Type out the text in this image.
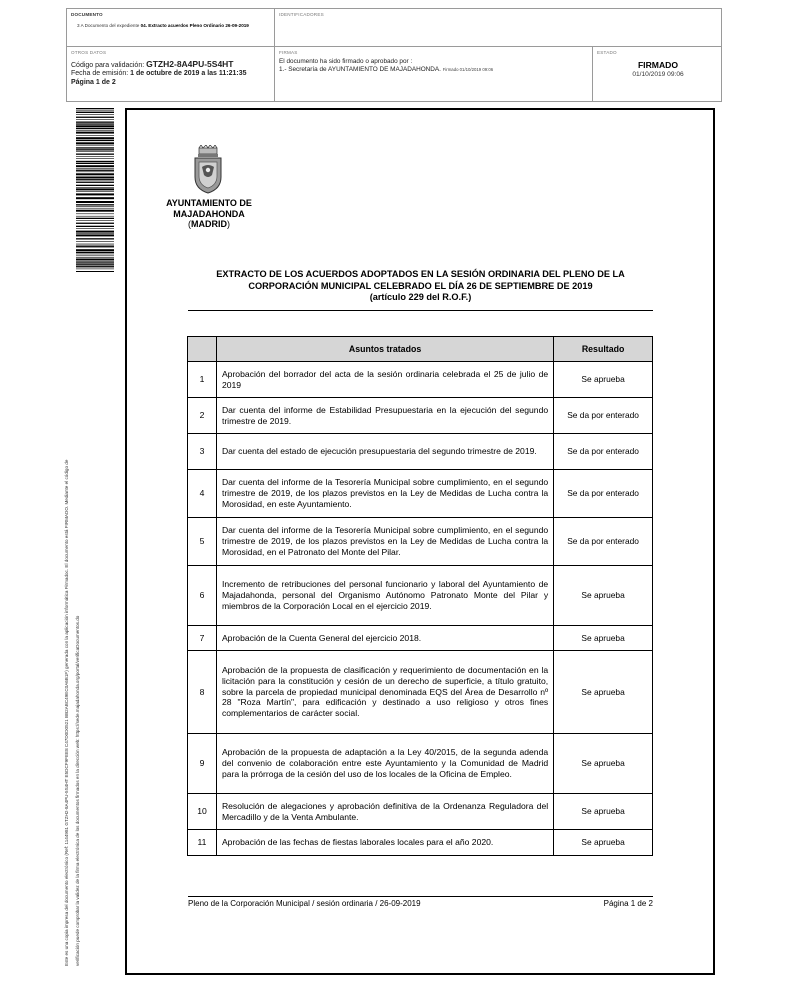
DOCUMENTO
3 A Documento del expediente 04. Extracto acuerdos Pleno Ordinario 26-09-2019
IDENTIFICADORES
OTROS DATOS
Código para validación: GTZH2-8A4PU-5S4HT
Fecha de emisión: 1 de octubre de 2019 a las 11:21:35
Página 1 de 2
FIRMAS
El documento ha sido firmado o aprobado por :
1.- Secretaría de AYUNTAMIENTO DE MAJADAHONDA. Firmado 01/10/2019 09:06
ESTADO
FIRMADO
01/10/2019 09:06
Este es una copia impresa del documento electrónico (Ref: 1144981 GTZH2-8A4PU-5S4HT E5DCF9FEE8 C47D0D0521 BB2ABC49EC0A6B1F) generada con la aplicación informática Firmadoc. El documento está FIRMADO. Mediante el código de	verificación puede comprobar la validez de la firma electrónica de los documentos firmados en la dirección web: https://sede.majadahonda.org/portal/verificaDocumentos.do
AYUNTAMIENTO DE
MAJADAHONDA
(MADRID)
EXTRACTO DE LOS ACUERDOS ADOPTADOS EN LA SESIÓN ORDINARIA DEL PLENO DE LA
CORPORACIÓN MUNICIPAL CELEBRADO EL DÍA 26 DE SEPTIEMBRE DE 2019
(artículo 229 del R.O.F.)
	Asuntos tratados	Resultado
1	Aprobación del borrador del acta de la sesión ordinaria celebrada el 25 de julio de 2019	Se aprueba
2	Dar cuenta del informe de Estabilidad Presupuestaria en la ejecución del segundo trimestre de 2019.	Se da por enterado
3	Dar cuenta del estado de ejecución presupuestaria del segundo trimestre de 2019.	Se da por enterado
4	Dar cuenta del informe de la Tesorería Municipal sobre cumplimiento, en el segundo trimestre de 2019, de los plazos previstos en la Ley de Medidas de Lucha contra la Morosidad, en este Ayuntamiento.	Se da por enterado
5	Dar cuenta del informe de la Tesorería Municipal sobre cumplimiento, en el segundo trimestre de 2019, de los plazos previstos en la Ley de Medidas de Lucha contra la Morosidad, en el Patronato del Monte del Pilar.	Se da por enterado
6	Incremento de retribuciones del personal funcionario y laboral del Ayuntamiento de Majadahonda, personal del Organismo Autónomo Patronato Monte del Pilar y miembros de la Corporación Local en el ejercicio 2019.	Se aprueba
7	Aprobación de la Cuenta General del ejercicio 2018.	Se aprueba
8	Aprobación de la propuesta de clasificación y requerimiento de documentación en la licitación para la constitución y cesión de un derecho de superficie, a título gratuito, sobre la parcela de propiedad municipal denominada EQS del Área de Desarrollo nº 28 "Roza Martín", para edificación y destinado a uso religioso y otros fines complementarios de carácter social.	Se aprueba
9	Aprobación de la propuesta de adaptación a la Ley 40/2015, de la segunda adenda del convenio de colaboración entre este Ayuntamiento y la Comunidad de Madrid para la prórroga de la cesión del uso de los locales de la Oficina de Empleo.	Se aprueba
10	Resolución de alegaciones y aprobación definitiva de la Ordenanza Reguladora del Mercadillo y de la Venta Ambulante.	Se aprueba
11	Aprobación de las fechas de fiestas laborales locales para el año 2020.	Se aprueba
Pleno de la Corporación Municipal / sesión ordinaria / 26-09-2019	Página 1 de 2
